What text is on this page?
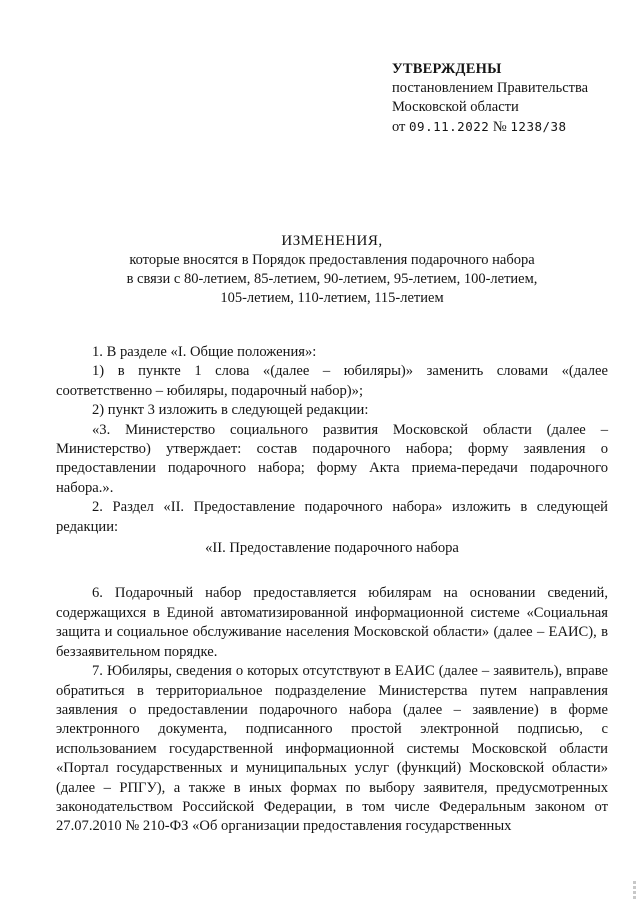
УТВЕРЖДЕНЫ
постановлением Правительства
Московской области
от 09.11.2022 № 1238/38
ИЗМЕНЕНИЯ,
которые вносятся в Порядок предоставления подарочного набора
в связи с 80-летием, 85-летием, 90-летием, 95-летием, 100-летием,
105-летием, 110-летием, 115-летием

1. В разделе «I. Общие положения»:

1) в пункте 1 слова «(далее – юбиляры)» заменить словами «(далее соответственно – юбиляры, подарочный набор)»;

2) пункт 3 изложить в следующей редакции:

«3. Министерство социального развития Московской области (далее – Министерство) утверждает: состав подарочного набора; форму заявления о предоставлении подарочного набора; форму Акта приема-передачи подарочного набора.».

2. Раздел «II. Предоставление подарочного набора» изложить в следующей редакции:

«II. Предоставление подарочного набора

6. Подарочный набор предоставляется юбилярам на основании сведений, содержащихся в Единой автоматизированной информационной системе «Социальная защита и социальное обслуживание населения Московской области» (далее – ЕАИС), в беззаявительном порядке.

7. Юбиляры, сведения о которых отсутствуют в ЕАИС (далее – заявитель), вправе обратиться в территориальное подразделение Министерства путем направления заявления о предоставлении подарочного набора (далее – заявление) в форме электронного документа, подписанного простой электронной подписью, с использованием государственной информационной системы Московской области «Портал государственных и муниципальных услуг (функций) Московской области» (далее – РПГУ), а также в иных формах по выбору заявителя, предусмотренных законодательством Российской Федерации, в том числе Федеральным законом от 27.07.2010 № 210-ФЗ «Об организации предоставления государственных
